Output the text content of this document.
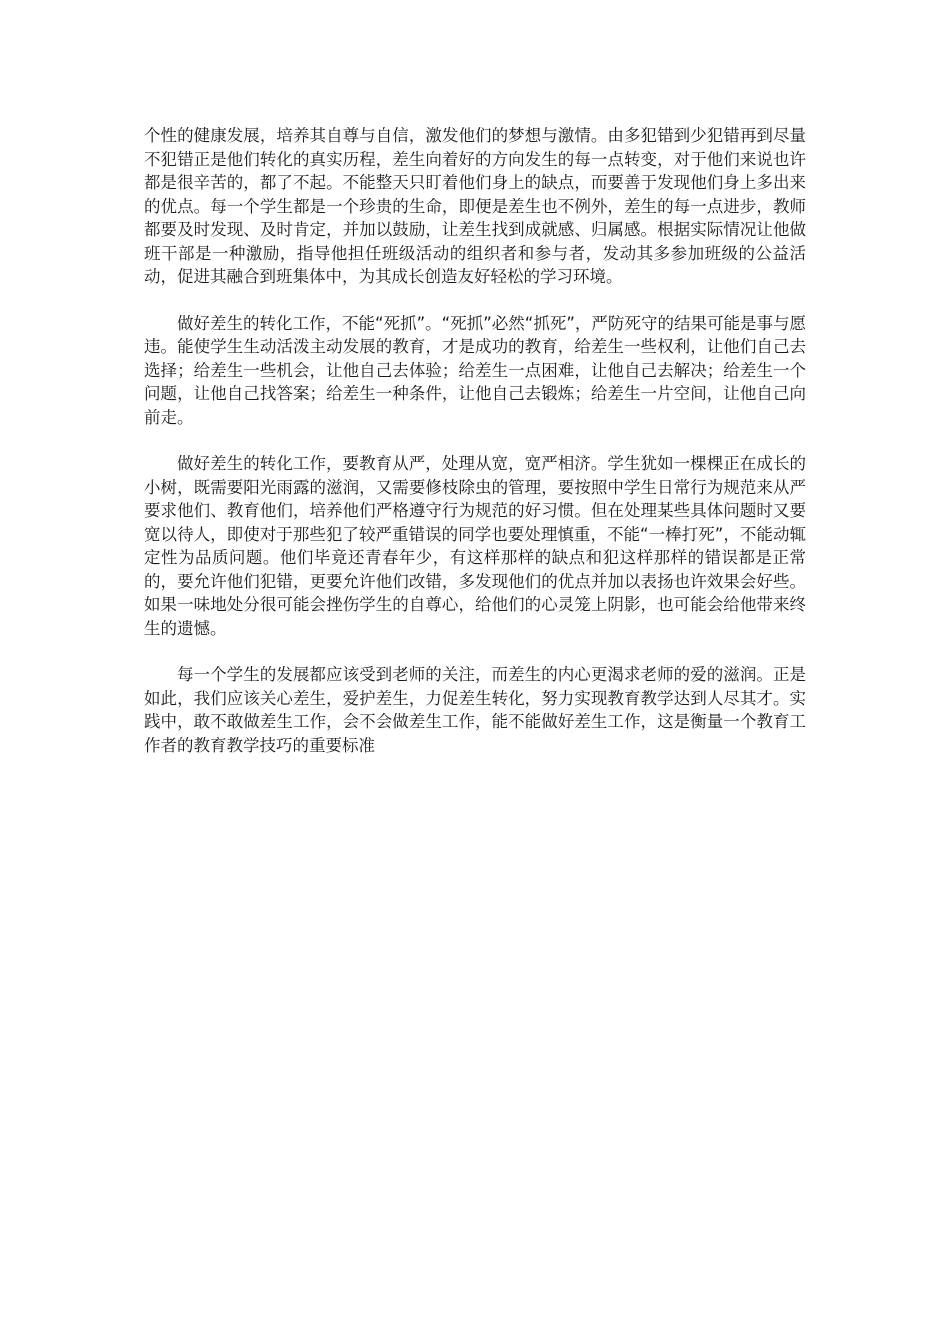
个性的健康发展，培养其自尊与自信，激发他们的梦想与激情。由多犯错到少犯错再到尽量不犯错正是他们转化的真实历程，差生向着好的方向发生的每一点转变，对于他们来说也许都是很辛苦的，都了不起。不能整天只盯着他们身上的缺点，而要善于发现他们身上多出来的优点。每一个学生都是一个珍贵的生命，即便是差生也不例外，差生的每一点进步，教师都要及时发现、及时肯定，并加以鼓励，让差生找到成就感、归属感。根据实际情况让他做班干部是一种激励，指导他担任班级活动的组织者和参与者，发动其多参加班级的公益活动，促进其融合到班集体中，为其成长创造友好轻松的学习环境。

做好差生的转化工作，不能“死抓”。“死抓”必然“抓死”，严防死守的结果可能是事与愿违。能使学生生动活泼主动发展的教育，才是成功的教育，给差生一些权利，让他们自己去选择；给差生一些机会，让他自己去体验；给差生一点困难，让他自己去解决；给差生一个问题，让他自己找答案；给差生一种条件，让他自己去锻炼；给差生一片空间，让他自己向前走。

做好差生的转化工作，要教育从严，处理从宽，宽严相济。学生犹如一棵棵正在成长的小树，既需要阳光雨露的滋润，又需要修枝除虫的管理，要按照中学生日常行为规范来从严要求他们、教育他们，培养他们严格遵守行为规范的好习惯。但在处理某些具体问题时又要宽以待人，即使对于那些犯了较严重错误的同学也要处理慎重，不能“一棒打死”，不能动辄定性为品质问题。他们毕竟还青春年少，有这样那样的缺点和犯这样那样的错误都是正常的，要允许他们犯错，更要允许他们改错，多发现他们的优点并加以表扬也许效果会好些。如果一味地处分很可能会挫伤学生的自尊心，给他们的心灵笼上阴影，也可能会给他带来终生的遗憾。

每一个学生的发展都应该受到老师的关注，而差生的内心更渴求老师的爱的滋润。正是如此，我们应该关心差生，爱护差生，力促差生转化，努力实现教育教学达到人尽其才。实践中，敢不敢做差生工作，会不会做差生工作，能不能做好差生工作，这是衡量一个教育工作者的教育教学技巧的重要标准
